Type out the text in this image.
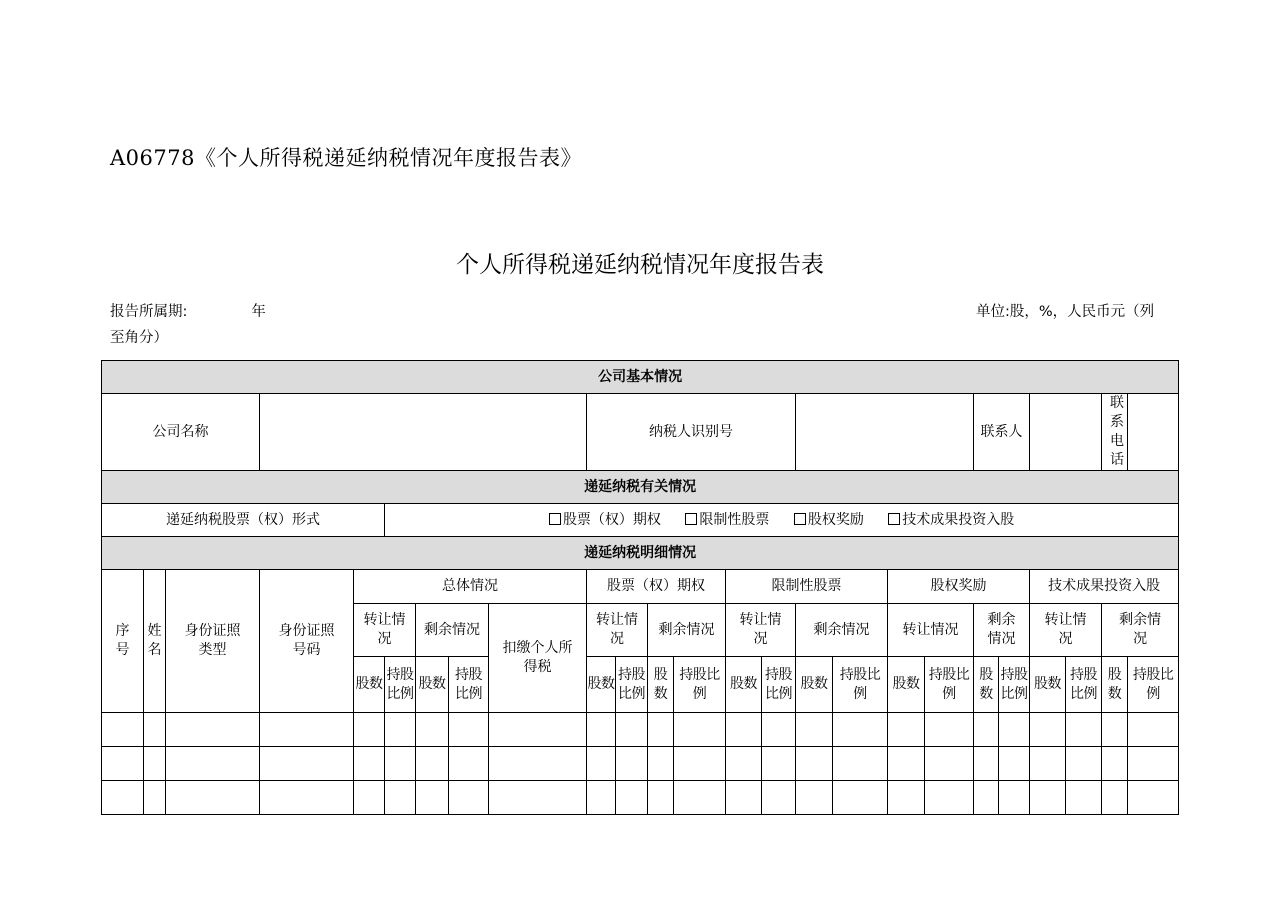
A06778《个人所得税递延纳税情况年度报告表》
个人所得税递延纳税情况年度报告表
报告所属期:	年	单位:股，%，人民币元（列
至角分）
公司基本情况																								
公司名称									纳税人识别号										联系人				联系电话	
递延纳税有关情况																								
递延纳税股票（权）形式					股票（权）期权 限制性股票 股权奖励 技术成果投资入股																			
递延纳税明细情况																								
序号	姓名	身份证照类型	身份证照号码	总体情况					股票（权）期权				限制性股票				股权奖励				技术成果投资入股			
				转让情况		剩余情况		扣缴个人所得税	转让情况		剩余情况		转让情况		剩余情况		转让情况		剩余情况		转让情况		剩余情况	
				股数	持股比例	股数	持股比例		股数	持股比例	股数	持股比例	股数	持股比例	股数	持股比例	股数	持股比例	股数	持股比例	股数	持股比例	股数	持股比例
